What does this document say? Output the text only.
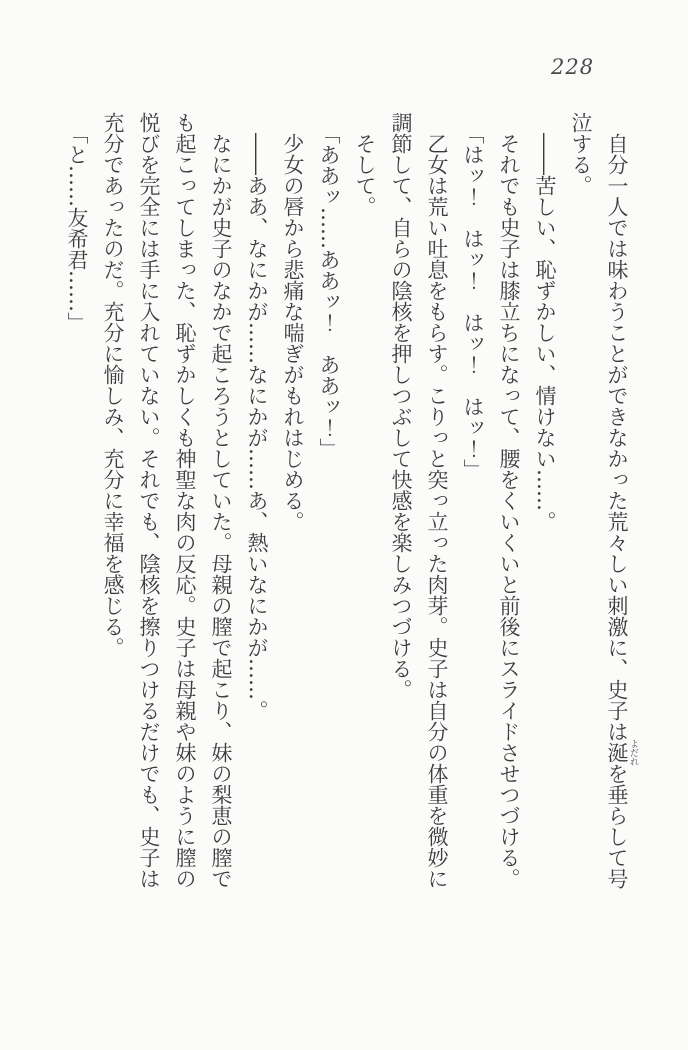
228

自分一人では味わうことができなかった荒々しい刺激に、史子は涎 よだれを垂らして号泣する。

――苦しい、恥ずかしい、情けない……。

それでも史子は膝立ちになって、腰をくいくいと前後にスライドさせつづける。

「はッ！　はッ！　はッ！　はッ！」

乙女は荒い吐息をもらす。こりっと突っ立った肉芽。史子は自分の体重を微妙に調節して、自らの陰核を押しつぶして快感を楽しみつづける。

そして。

「ああッ……ああッ！　ああッ！」

少女の唇から悲痛な喘ぎがもれはじめる。

――ああ、なにかが……なにかが……あ、熱いなにかが……。

なにかが史子のなかで起ころうとしていた。母親の膣で起こり、妹の梨恵の膣でも起こってしまった、恥ずかしくも神聖な肉の反応。史子は母親や妹のように膣の悦びを完全には手に入れていない。それでも、陰核を擦りつけるだけでも、史子は充分であったのだ。充分に愉しみ、充分に幸福を感じる。

「と……友希君……」
